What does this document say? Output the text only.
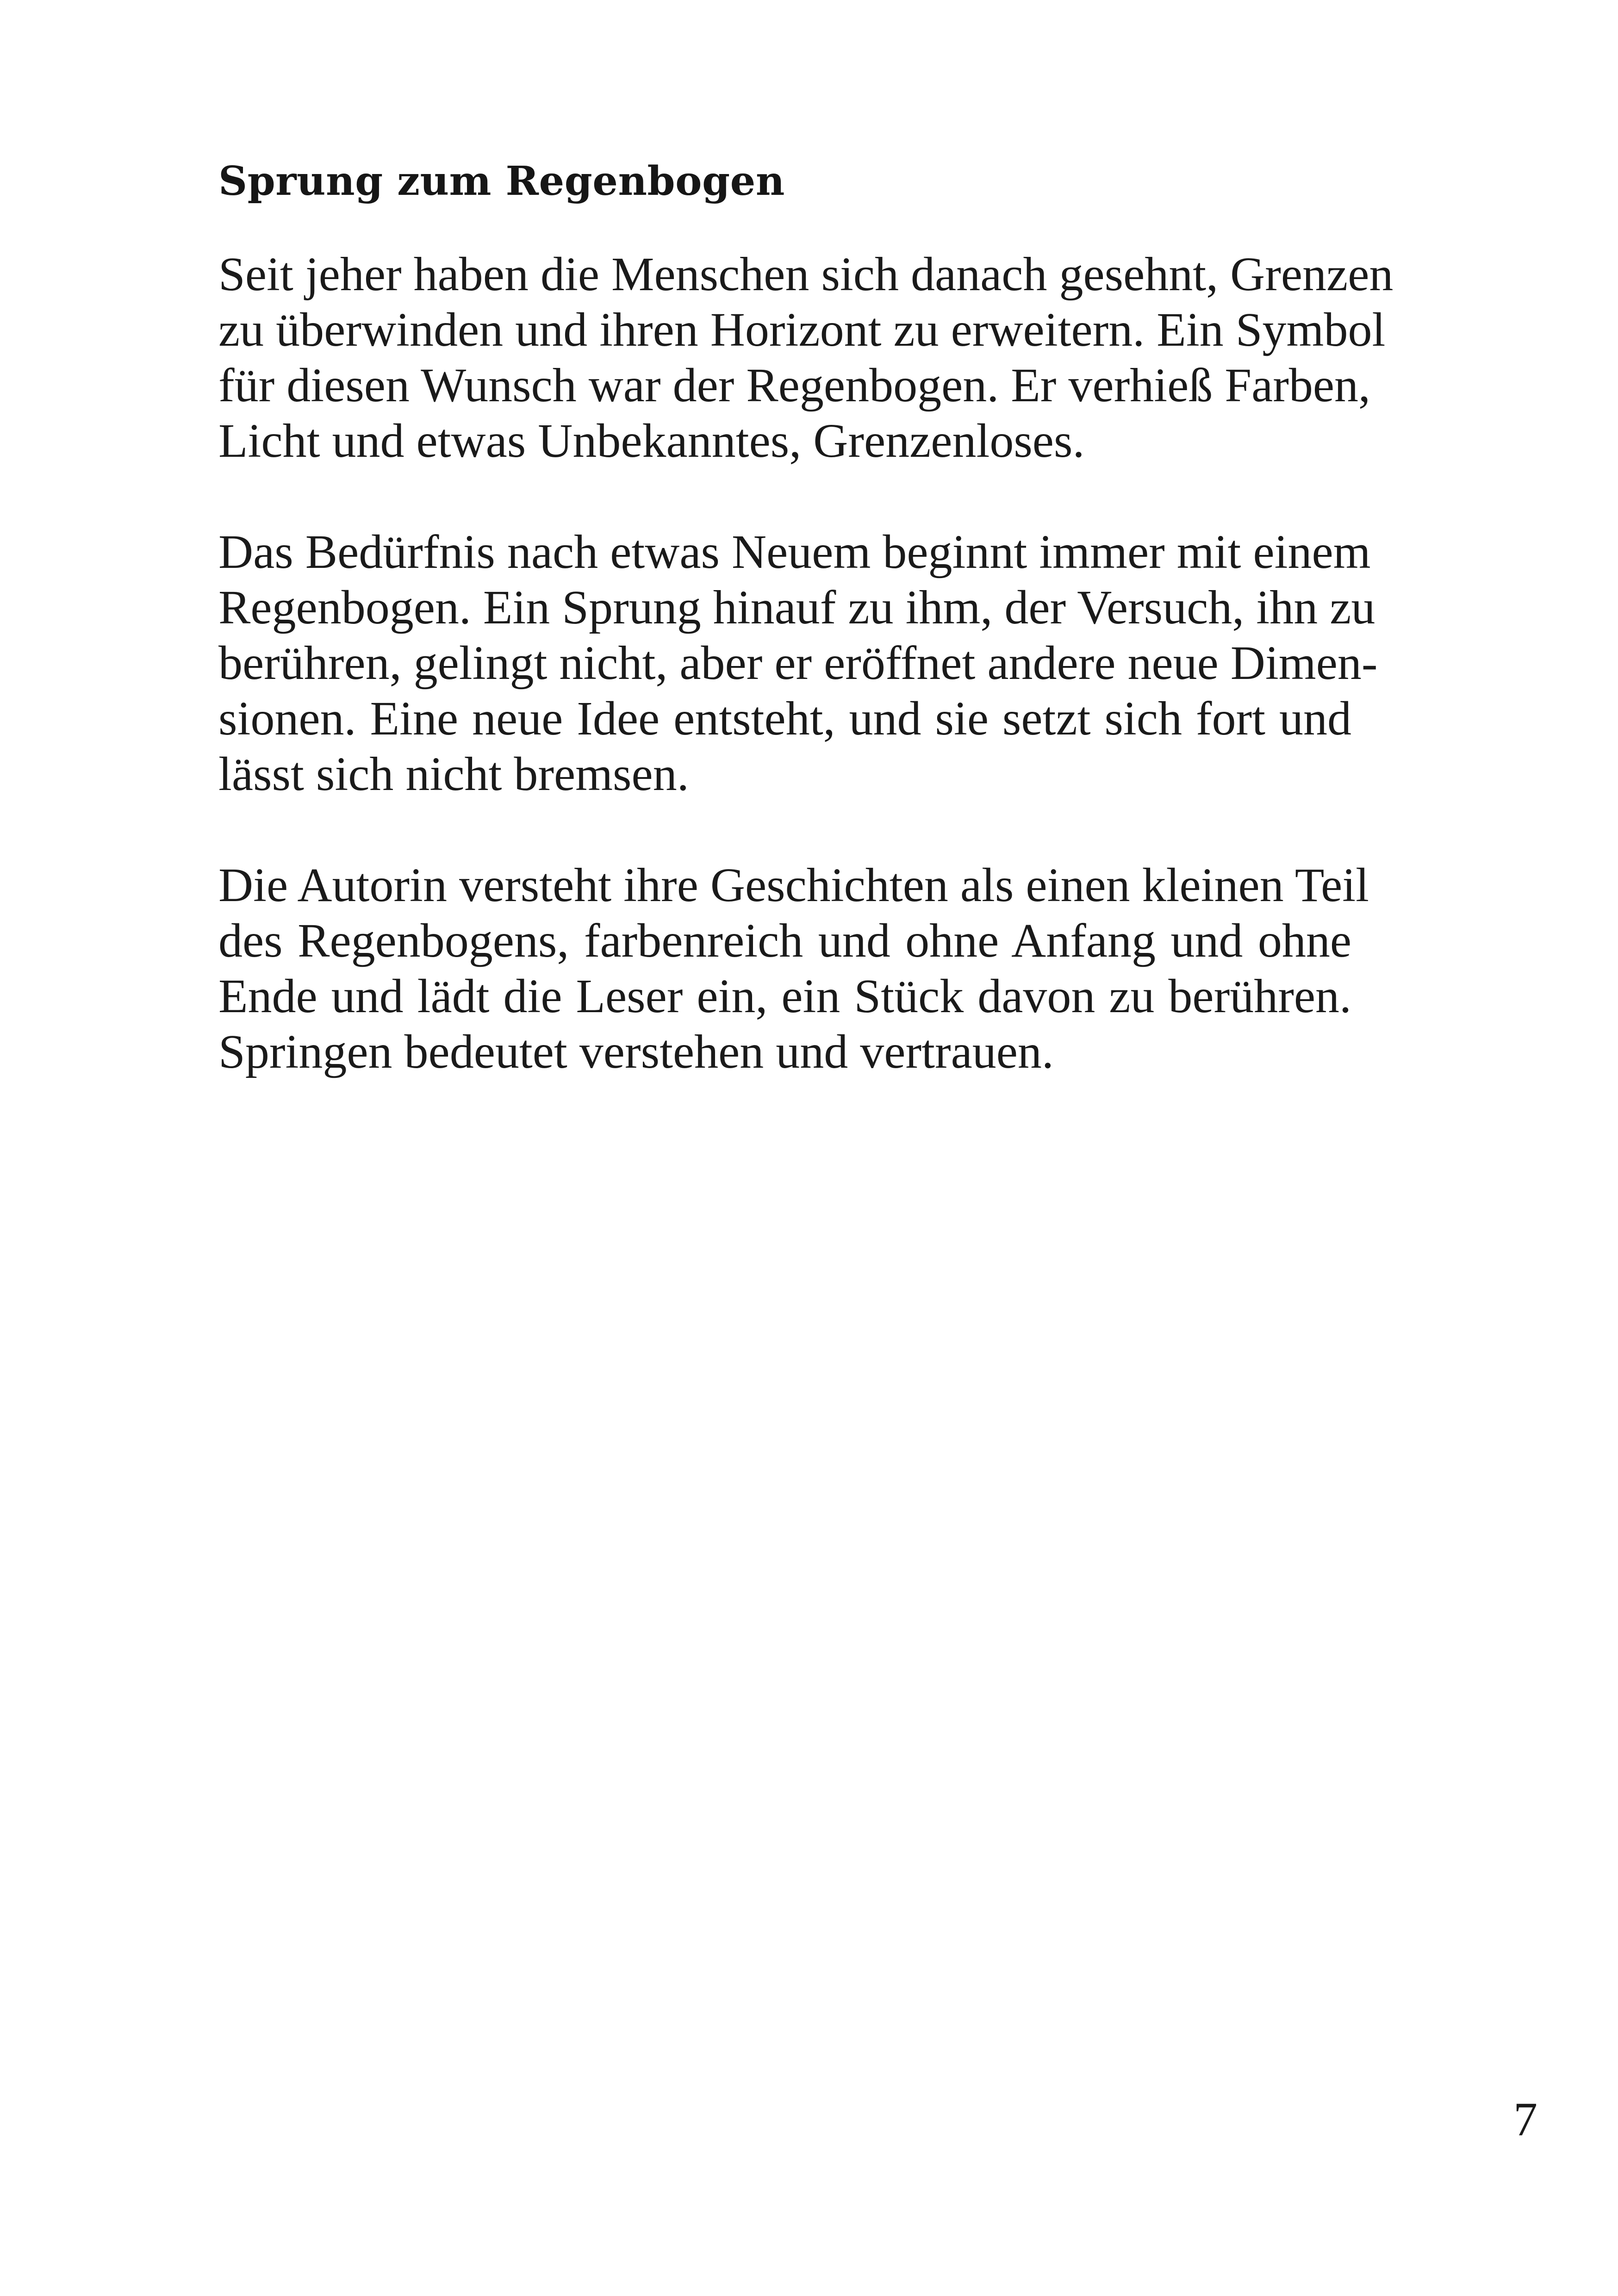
Sprung zum Regenbogen

Seit jeher haben die Menschen sich danach gesehnt, Grenzen
zu überwinden und ihren Horizont zu erweitern. Ein Symbol
für diesen Wunsch war der Regenbogen. Er verhieß Farben,
Licht und etwas Unbekanntes, Grenzenloses.

Das Bedürfnis nach etwas Neuem beginnt immer mit einem
Regenbogen. Ein Sprung hinauf zu ihm, der Versuch, ihn zu
berühren, gelingt nicht, aber er eröffnet andere neue Dimen-
sionen. Eine neue Idee entsteht, und sie setzt sich fort und
lässt sich nicht bremsen.

Die Autorin versteht ihre Geschichten als einen kleinen Teil
des Regenbogens, farbenreich und ohne Anfang und ohne
Ende und lädt die Leser ein, ein Stück davon zu berühren.
Springen bedeutet verstehen und vertrauen.

7
